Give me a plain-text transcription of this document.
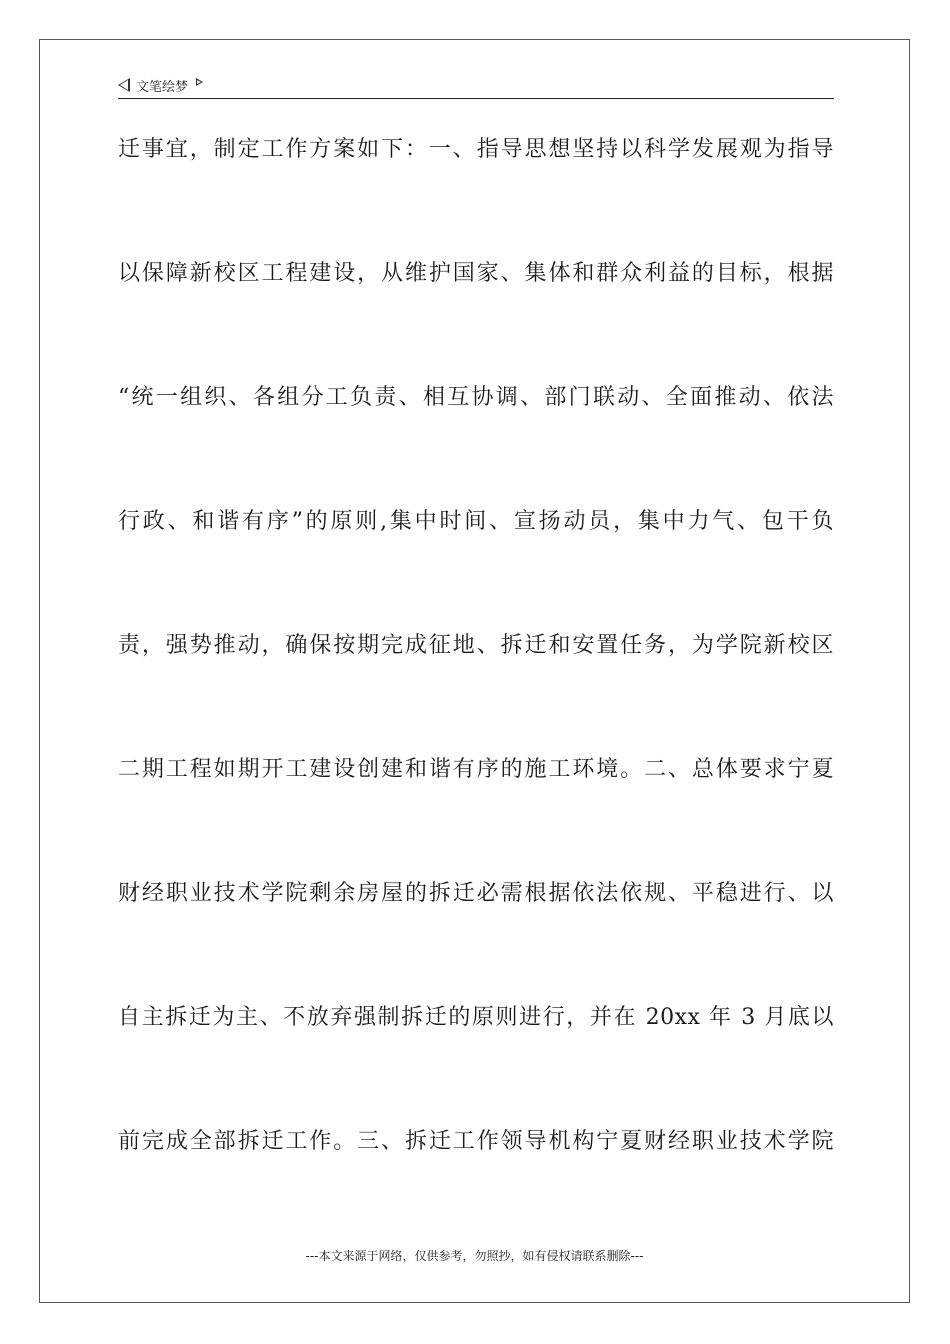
文笔绘梦
迁事宜，制定工作方案如下：一、指导思想坚持以科学发展观为指导
以保障新校区工程建设，从维护国家、集体和群众利益的目标，根据
“统一组织、各组分工负责、相互协调、部门联动、全面推动、依法
行政、和谐有序”的原则,集中时间、宣扬动员，集中力气、包干负
责，强势推动，确保按期完成征地、拆迁和安置任务，为学院新校区
二期工程如期开工建设创建和谐有序的施工环境。二、总体要求宁夏
财经职业技术学院剩余房屋的拆迁必需根据依法依规、平稳进行、以
自主拆迁为主、不放弃强制拆迁的原则进行，并在 20xx 年 3 月底以
前完成全部拆迁工作。三、拆迁工作领导机构宁夏财经职业技术学院
---本文来源于网络，仅供参考，勿照抄，如有侵权请联系删除---
